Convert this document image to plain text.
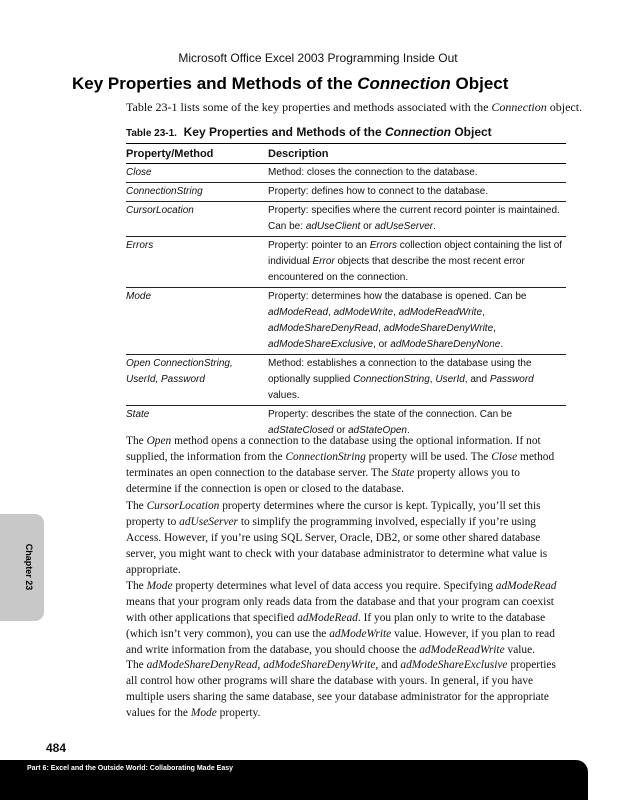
Microsoft Office Excel 2003 Programming Inside Out
Key Properties and Methods of the Connection Object
Table 23-1 lists some of the key properties and methods associated with the Connection object.
Table 23-1. Key Properties and Methods of the Connection Object
Property/Method	Description
Close	Method: closes the connection to the database.
ConnectionString	Property: defines how to connect to the database.
CursorLocation	Property: specifies where the current record pointer is maintained. Can be: adUseClient or adUseServer.
Errors	Property: pointer to an Errors collection object containing the list of individual Error objects that describe the most recent error encountered on the connection.
Mode	Property: determines how the database is opened. Can be adModeRead, adModeWrite, adModeReadWrite,
adModeShareDenyRead, adModeShareDenyWrite,
adModeShareExclusive, or adModeShareDenyNone.
Open ConnectionString,
UserId, Password	Method: establishes a connection to the database using the optionally supplied ConnectionString, UserId, and Password values.
State	Property: describes the state of the connection. Can be adStateClosed or adStateOpen.

The Open method opens a connection to the database using the optional information. If not supplied, the information from the ConnectionString property will be used. The Close method terminates an open connection to the database server. The State property allows you to determine if the connection is open or closed to the database.

The CursorLocation property determines where the cursor is kept. Typically, you’ll set this property to adUseServer to simplify the programming involved, especially if you’re using Access. However, if you’re using SQL Server, Oracle, DB2, or some other shared database server, you might want to check with your database administrator to determine what value is appropriate.

The Mode property determines what level of data access you require. Specifying adModeRead means that your program only reads data from the database and that your program can coexist with other applications that specified adModeRead. If you plan only to write to the database (which isn’t very common), you can use the adModeWrite value. However, if you plan to read and write information from the database, you should choose the adModeReadWrite value.

The adModeShareDenyRead, adModeShareDenyWrite, and adModeShareExclusive properties all control how other programs will share the database with yours. In general, if you have multiple users sharing the same database, see your database administrator for the appropriate values for the Mode property.

Chapter 23
484
Part 6: Excel and the Outside World: Collaborating Made Easy
